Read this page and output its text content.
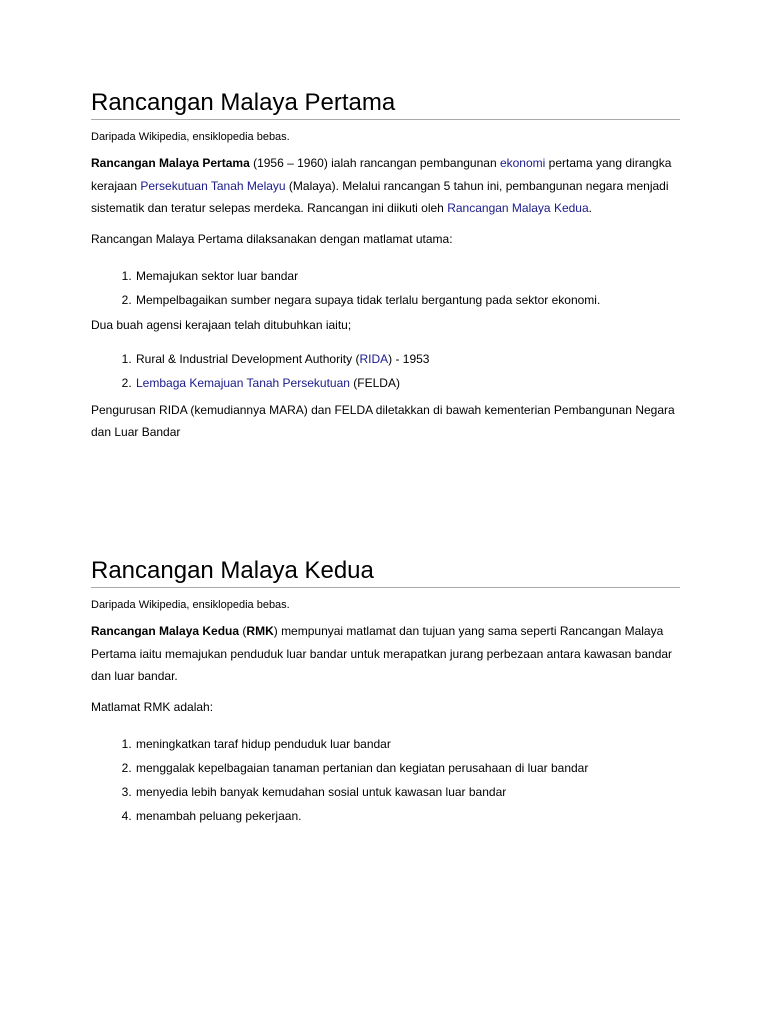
Rancangan Malaya Pertama
Daripada Wikipedia, ensiklopedia bebas.

Rancangan Malaya Pertama (1956 – 1960) ialah rancangan pembangunan ekonomi pertama yang dirangka kerajaan Persekutuan Tanah Melayu (Malaya). Melalui rancangan 5 tahun ini, pembangunan negara menjadi sistematik dan teratur selepas merdeka. Rancangan ini diikuti oleh Rancangan Malaya Kedua.

Rancangan Malaya Pertama dilaksanakan dengan matlamat utama:

1. Memajukan sektor luar bandar
2. Mempelbagaikan sumber negara supaya tidak terlalu bergantung pada sektor ekonomi.

Dua buah agensi kerajaan telah ditubuhkan iaitu;

1. Rural & Industrial Development Authority (RIDA) - 1953
2. Lembaga Kemajuan Tanah Persekutuan (FELDA)

Pengurusan RIDA (kemudiannya MARA) dan FELDA diletakkan di bawah kementerian Pembangunan Negara dan Luar Bandar

Rancangan Malaya Kedua
Daripada Wikipedia, ensiklopedia bebas.

Rancangan Malaya Kedua (RMK) mempunyai matlamat dan tujuan yang sama seperti Rancangan Malaya Pertama iaitu memajukan penduduk luar bandar untuk merapatkan jurang perbezaan antara kawasan bandar dan luar bandar.

Matlamat RMK adalah:

1. meningkatkan taraf hidup penduduk luar bandar
2. menggalak kepelbagaian tanaman pertanian dan kegiatan perusahaan di luar bandar
3. menyedia lebih banyak kemudahan sosial untuk kawasan luar bandar
4. menambah peluang pekerjaan.
